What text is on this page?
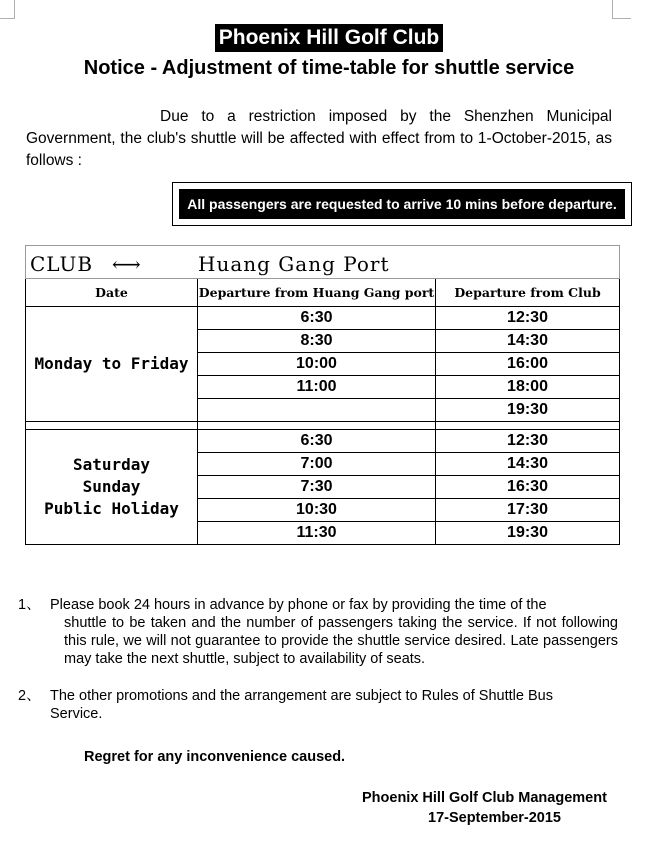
Phoenix Hill Golf Club
Notice - Adjustment of time-table for shuttle service
Due to a restriction imposed by the Shenzhen Municipal Government, the club's shuttle will be affected with effect from to 1-October-2015, as follows :
All passengers are requested to arrive 10 mins before departure.
CLUB ⟷ Huang Gang Port		

Date	Departure from Huang Gang port	Departure from Club
Monday to Friday	6:30	12:30
	8:30	14:30
	10:00	16:00
	11:00	18:00
		19:30

Saturday
Sunday
Public Holiday	6:30	12:30
	7:00	14:30
	7:30	16:30
	10:30	17:30
	11:30	19:30
1、 Please book 24 hours in advance by phone or fax by providing the time of the
shuttle to be taken and the number of passengers taking the service. If not following this rule, we will not guarantee to provide the shuttle service desired. Late passengers may take the next shuttle, subject to availability of seats.
2、 The other promotions and the arrangement are subject to Rules of Shuttle Bus
Service.
Regret for any inconvenience caused.
Phoenix Hill Golf Club Management
17-September-2015
